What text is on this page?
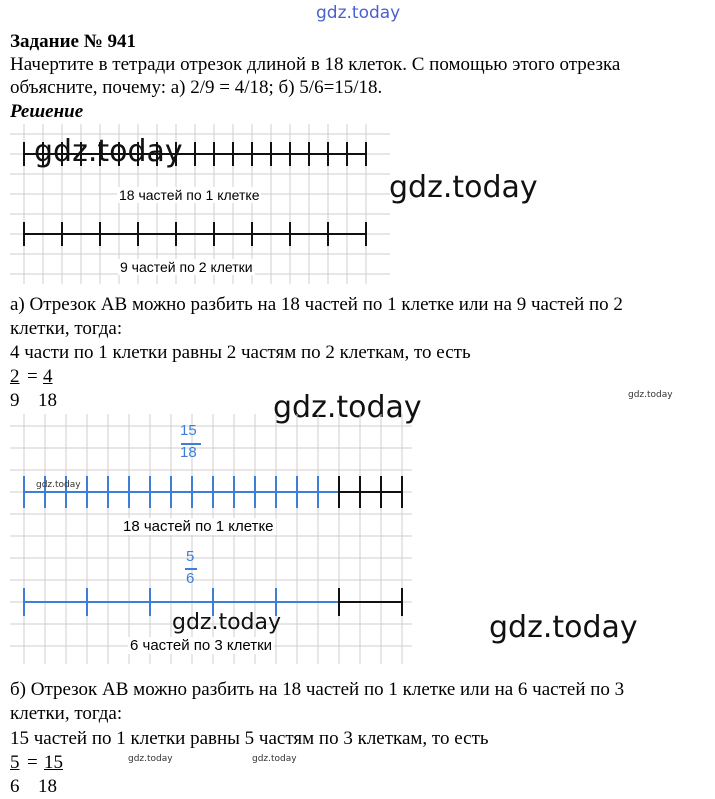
gdz.today
Задание № 941
Начертите в тетради отрезок длиной в 18 клеток. С помощью этого отрезка
объясните, почему: а) 2/9 = 4/18; б) 5/6=15/18.
Решение
18 частей по 1 клетке
9 частей по 2 клетки
gdz.today
gdz.today
а) Отрезок АВ можно разбить на 18 частей по 1 клетке или на 9 частей по 2
клетки, тогда:
4 части по 1 клетки равны 2 частям по 2 клеткам, то есть
2 = 4
9 18	gdz.today	gdz.today
15
18
18 частей по 1 клетке
5
6
6 частей по 3 клетки
gdz.today
gdz.today	gdz.today
б) Отрезок АВ можно разбить на 18 частей по 1 клетке или на 6 частей по 3
клетки, тогда:
15 частей по 1 клетки равны 5 частям по 3 клеткам, то есть
5 = 15
6 18
gdz.today	gdz.today
